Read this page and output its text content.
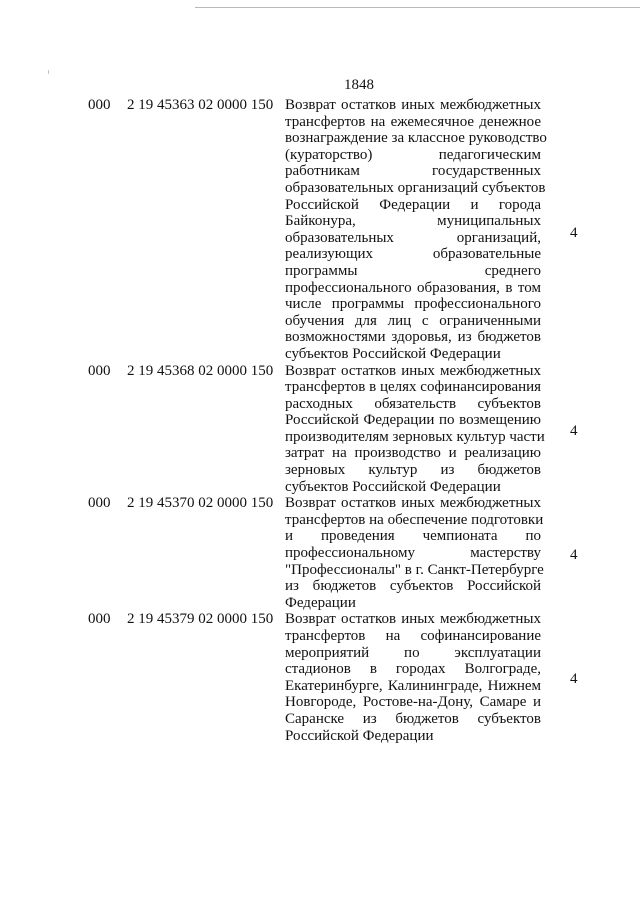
1848
000 2 19 45363 02 0000 150 Возврат остатков иных межбюджетных
трансфертов на ежемесячное денежное
вознаграждение за классное руководство
(кураторство) педагогическим
работникам государственных
образовательных организаций субъектов
Российской Федерации и города
Байконура, муниципальных
образовательных организаций,
реализующих образовательные
программы среднего
профессионального образования, в том
числе программы профессионального
обучения для лиц с ограниченными
возможностями здоровья, из бюджетов
субъектов Российской Федерации
4
000 2 19 45368 02 0000 150 Возврат остатков иных межбюджетных
трансфертов в целях софинансирования
расходных обязательств субъектов
Российской Федерации по возмещению
производителям зерновых культур части
затрат на производство и реализацию
зерновых культур из бюджетов
субъектов Российской Федерации
4
000 2 19 45370 02 0000 150 Возврат остатков иных межбюджетных
трансфертов на обеспечение подготовки
и проведения чемпионата по
профессиональному мастерству
"Профессионалы" в г. Санкт-Петербурге
из бюджетов субъектов Российской
Федерации
4
000 2 19 45379 02 0000 150 Возврат остатков иных межбюджетных
трансфертов на софинансирование
мероприятий по эксплуатации
стадионов в городах Волгограде,
Екатеринбурге, Калининграде, Нижнем
Новгороде, Ростове-на-Дону, Самаре и
Саранске из бюджетов субъектов
Российской Федерации
4
